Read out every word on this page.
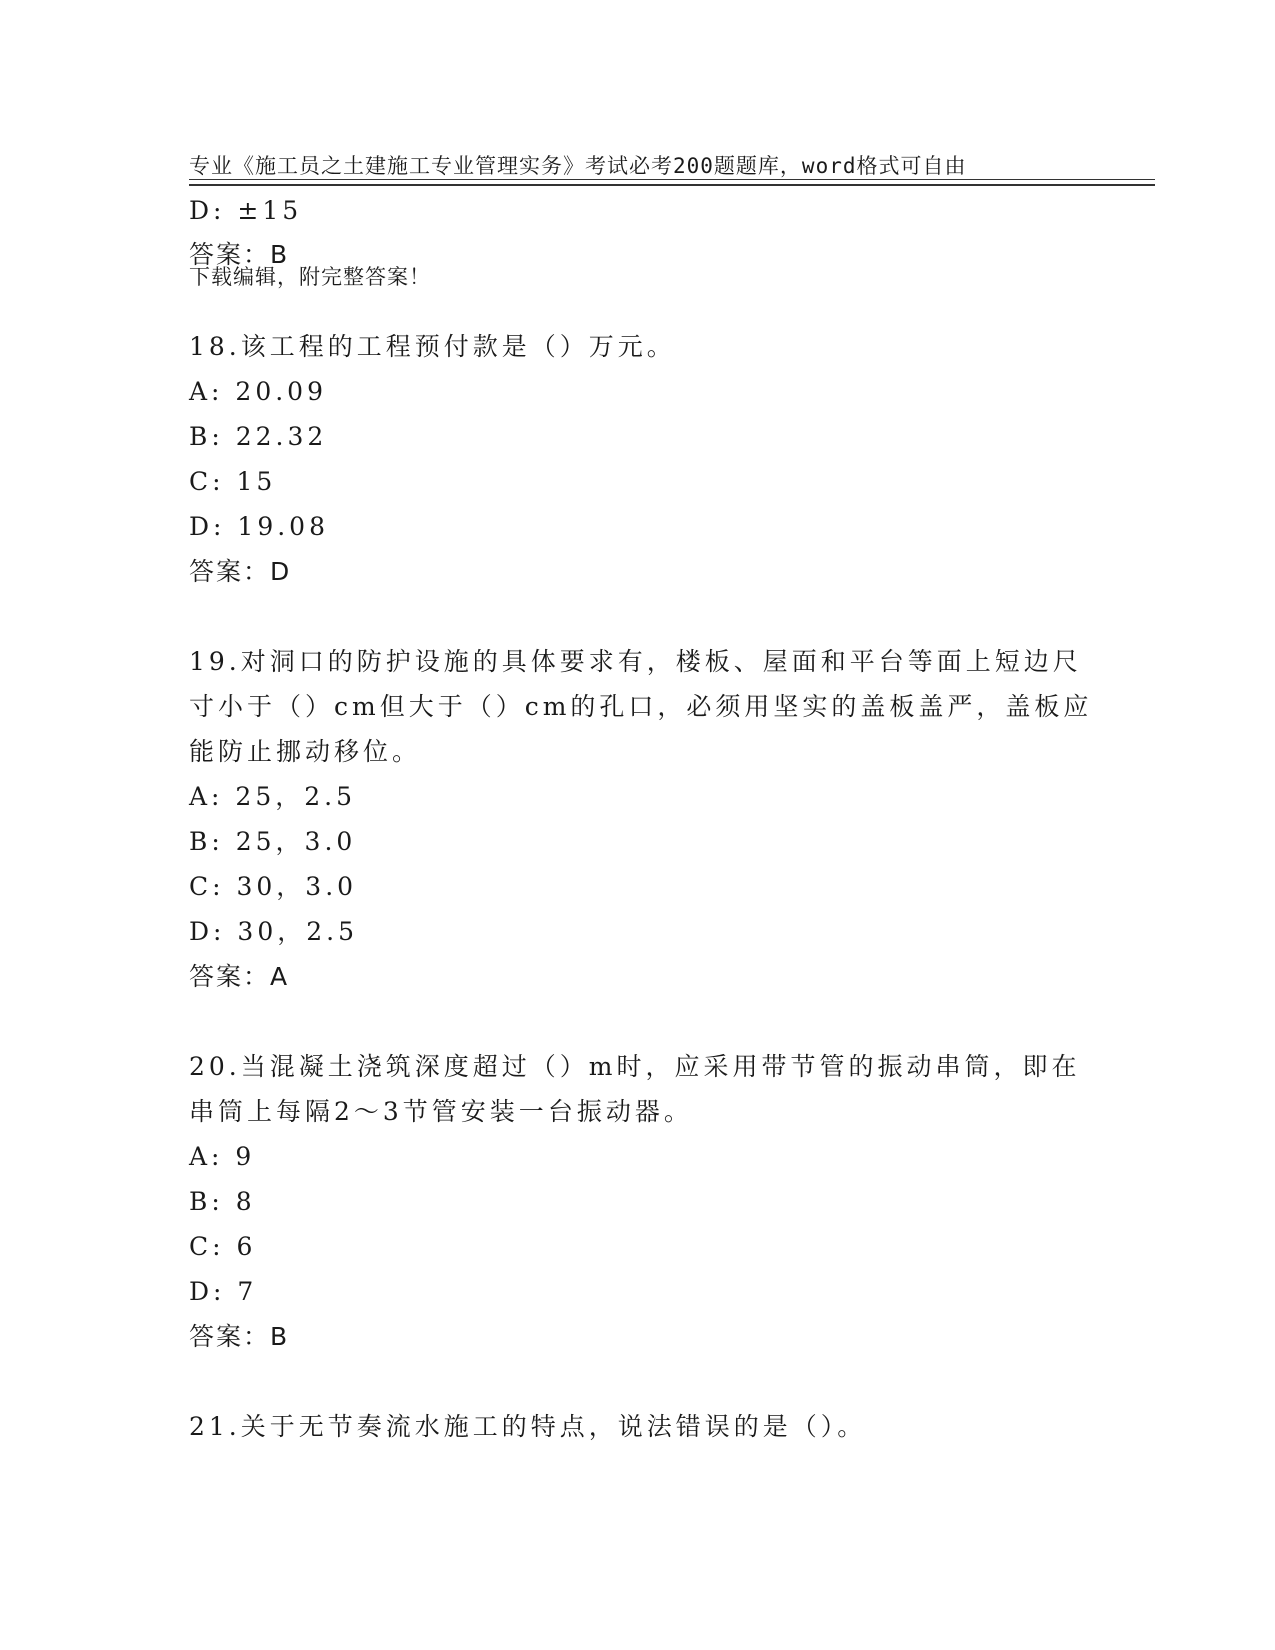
专业《施工员之土建施工专业管理实务》考试必考200题题库，word格式可自由

下载编辑，附完整答案！

D: ±15
答案：B
18.该工程的工程预付款是（）万元。
A: 20.09
B: 22.32
C: 15
D: 19.08
答案：D
19.对洞口的防护设施的具体要求有，楼板、屋面和平台等面上短边尺
寸小于（）cm但大于（）cm的孔口，必须用坚实的盖板盖严，盖板应
能防止挪动移位。
A: 25，2.5
B: 25，3.0
C: 30，3.0
D: 30，2.5
答案：A
20.当混凝土浇筑深度超过（）m时，应采用带节管的振动串筒，即在
串筒上每隔2～3节管安装一台振动器。
A: 9
B: 8
C: 6
D: 7
答案：B
21.关于无节奏流水施工的特点，说法错误的是（）。
